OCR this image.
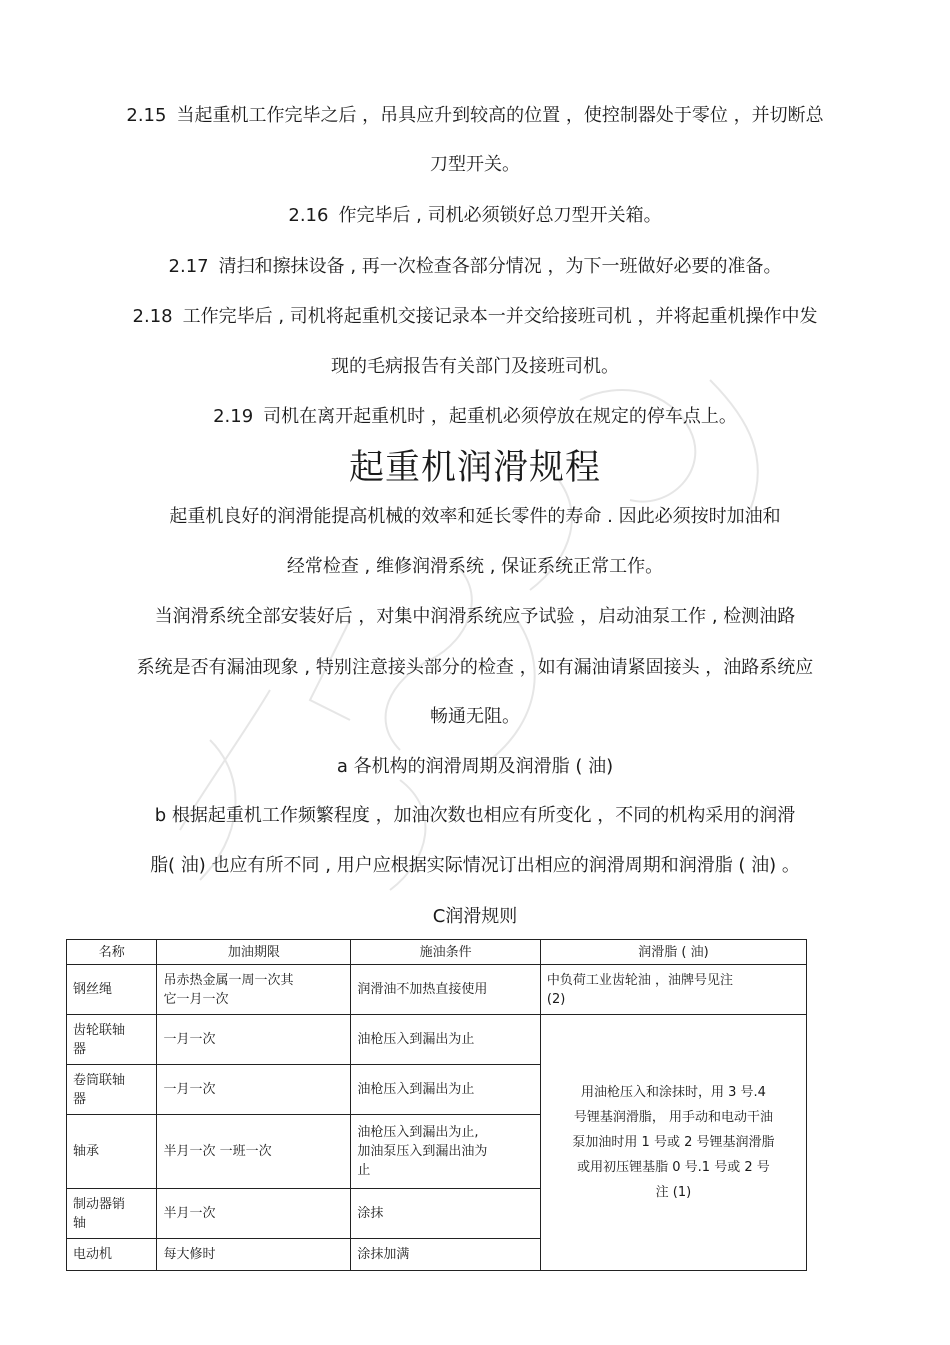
2.15 当起重机工作完毕之后 ，吊具应升到较高的位置 ，使控制器处于零位 ，并切断总
刀型开关。
2.16 作完毕后 , 司机必须锁好总刀型开关箱。
2.17 清扫和擦抹设备 , 再一次检查各部分情况 ，为下一班做好必要的准备。
2.18 工作完毕后 , 司机将起重机交接记录本一并交给接班司机 ，并将起重机操作中发
现的毛病报告有关部门及接班司机。
2.19 司机在离开起重机时 ，起重机必须停放在规定的停车点上。
起重机润滑规程
起重机良好的润滑能提高机械的效率和延长零件的寿命 . 因此必须按时加油和
经常检查 , 维修润滑系统 , 保证系统正常工作。
当润滑系统全部安装好后 ，对集中润滑系统应予试验 ，启动油泵工作 , 检测油路
系统是否有漏油现象 , 特别注意接头部分的检查 ，如有漏油请紧固接头 ，油路系统应
畅通无阻。
a 各机构的润滑周期及润滑脂 ( 油)
b 根据起重机工作频繁程度 ，加油次数也相应有所变化 ，不同的机构采用的润滑
脂( 油) 也应有所不同 , 用户应根据实际情况订出相应的润滑周期和润滑脂 ( 油) 。
C润滑规则
名称	加油期限	施油条件	润滑脂 ( 油)
钢丝绳	吊赤热金属一周一次其
它一月一次	润滑油不加热直接使用	中负荷工业齿轮油 ，油牌号见注
(2)
齿轮联轴
器	一月一次	油枪压入到漏出为止	用油枪压入和涂抹时，用 3 号.4
号锂基润滑脂， 用手动和电动干油
泵加油时用 1 号或 2 号锂基润滑脂
或用初压锂基脂 0 号.1 号或 2 号
注 (1)
卷筒联轴
器	一月一次	油枪压入到漏出为止	
轴承	半月一次 一班一次	油枪压入到漏出为止,
加油泵压入到漏出油为
止	
制动器销
轴	半月一次	涂抹	
电动机	每大修时	涂抹加满	
